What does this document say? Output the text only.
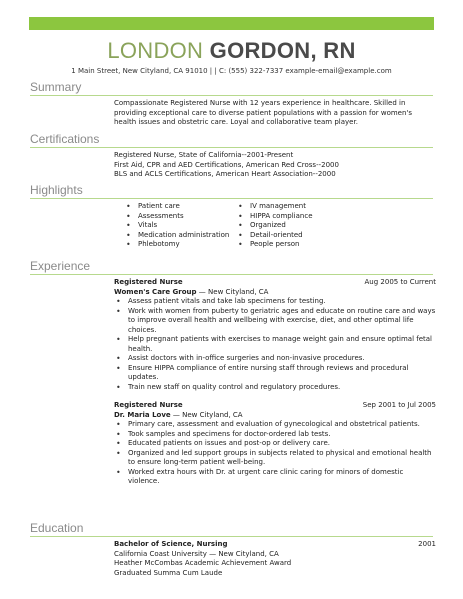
LONDON GORDON, RN
1 Main Street, New Cityland, CA 91010 | | C: (555) 322-7337 example-email@example.com
Summary
Compassionate Registered Nurse with 12 years experience in healthcare. Skilled in providing exceptional care to diverse patient populations with a passion for women's health issues and obstetric care. Loyal and collaborative team player.
Certifications

Registered Nurse, State of California--2001-Present

First Aid, CPR and AED Certifications, American Red Cross--2000

BLS and ACLS Certifications, American Heart Association--2000

Highlights
• Patient care
• Assessments
• Vitals
• Medication administration
• Phlebotomy
• IV management
• HIPPA compliance
• Organized
• Detail-oriented
• People person
Experience
Registered Nurse	Aug 2005 to Current
Women's Care Group — New Cityland, CA
• Assess patient vitals and take lab specimens for testing.
• Work with women from puberty to geriatric ages and educate on routine care and ways to improve overall health and wellbeing with exercise, diet, and other optimal life choices.
• Help pregnant patients with exercises to manage weight gain and ensure optimal fetal health.
• Assist doctors with in-office surgeries and non-invasive procedures.
• Ensure HIPPA compliance of entire nursing staff through reviews and procedural updates.
• Train new staff on quality control and regulatory procedures.
Registered Nurse	Sep 2001 to Jul 2005
Dr. Maria Love — New Cityland, CA
• Primary care, assessment and evaluation of gynecological and obstetrical patients.
• Took samples and specimens for doctor-ordered lab tests.
• Educated patients on issues and post-op or delivery care.
• Organized and led support groups in subjects related to physical and emotional health to ensure long-term patient well-being.
• Worked extra hours with Dr. at urgent care clinic caring for minors of domestic violence.
Education
Bachelor of Science, Nursing	2001
California Coast University — New Cityland, CA
Heather McCombas Academic Achievement Award
Graduated Summa Cum Laude
